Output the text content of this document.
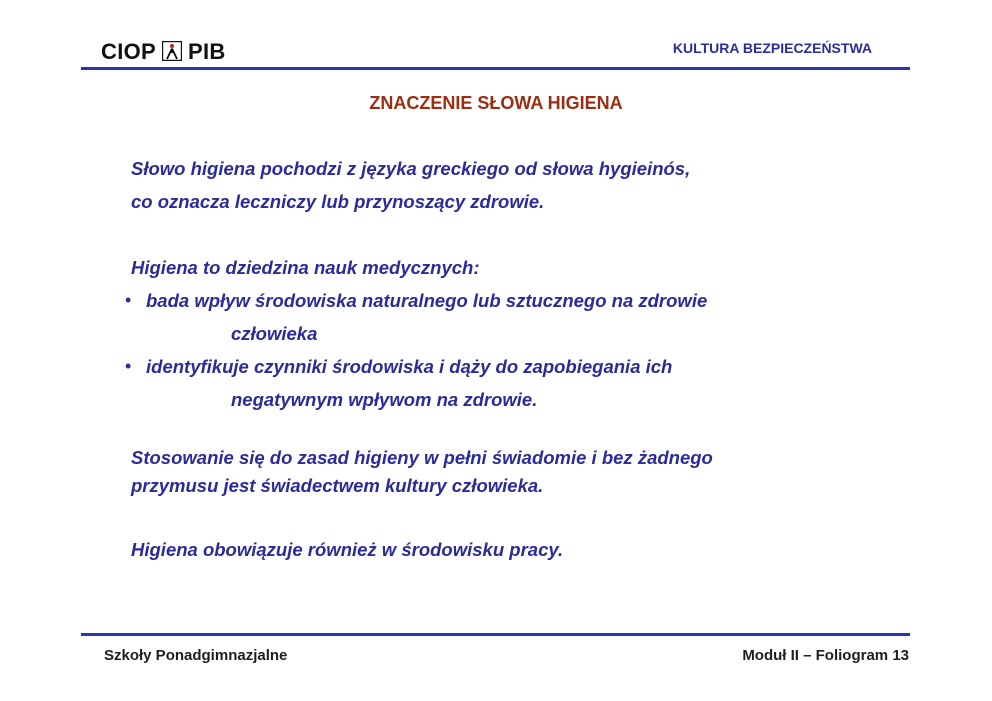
CIOP PIB	KULTURA BEZPIECZEŃSTWA
ZNACZENIE SŁOWA HIGIENA

Słowo higiena pochodzi z języka greckiego od słowa hygieinós,

co oznacza leczniczy lub przynoszący zdrowie.

Higiena to dziedzina nauk medycznych:

• bada wpływ środowiska naturalnego lub sztucznego na zdrowie

człowieka

• identyfikuje czynniki środowiska i dąży do zapobiegania ich

negatywnym wpływom na zdrowie.

Stosowanie się do zasad higieny w pełni świadomie i bez żadnego

przymusu jest świadectwem kultury człowieka.

Higiena obowiązuje również w środowisku pracy.

Szkoły Ponadgimnazjalne	Moduł II – Foliogram 13
